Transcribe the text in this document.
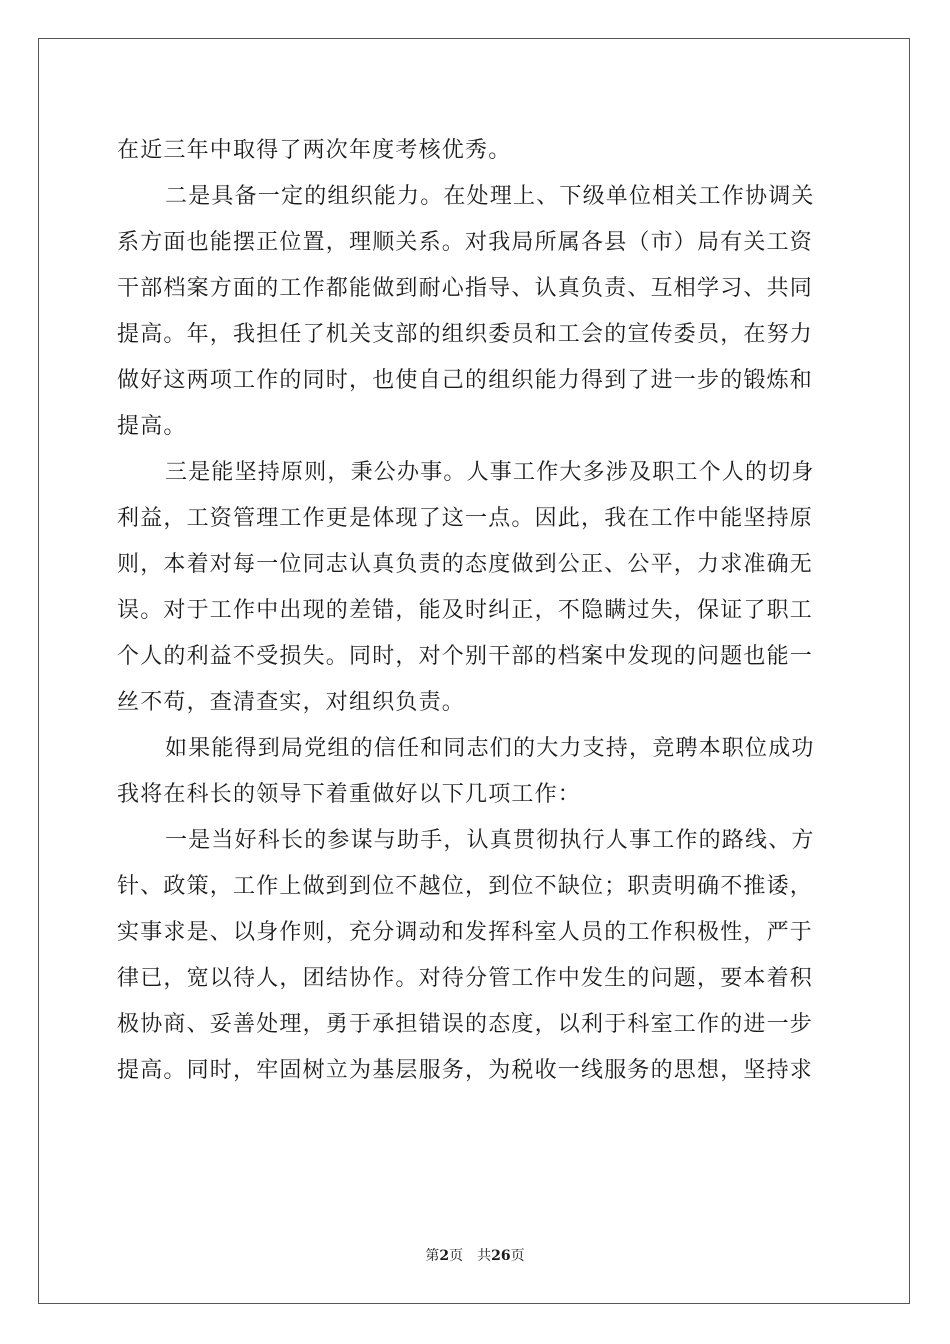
在近三年中取得了两次年度考核优秀。
二是具备一定的组织能力。在处理上、下级单位相关工作协调关
系方面也能摆正位置，理顺关系。对我局所属各县（市）局有关工资
干部档案方面的工作都能做到耐心指导、认真负责、互相学习、共同
提高。年，我担任了机关支部的组织委员和工会的宣传委员，在努力
做好这两项工作的同时，也使自己的组织能力得到了进一步的锻炼和
提高。
三是能坚持原则，秉公办事。人事工作大多涉及职工个人的切身
利益，工资管理工作更是体现了这一点。因此，我在工作中能坚持原
则，本着对每一位同志认真负责的态度做到公正、公平，力求准确无
误。对于工作中出现的差错，能及时纠正，不隐瞒过失，保证了职工
个人的利益不受损失。同时，对个别干部的档案中发现的问题也能一
丝不苟，查清查实，对组织负责。
如果能得到局党组的信任和同志们的大力支持，竞聘本职位成功
我将在科长的领导下着重做好以下几项工作：
一是当好科长的参谋与助手，认真贯彻执行人事工作的路线、方
针、政策，工作上做到到位不越位，到位不缺位；职责明确不推诿，
实事求是、以身作则，充分调动和发挥科室人员的工作积极性，严于
律已，宽以待人，团结协作。对待分管工作中发生的问题，要本着积
极协商、妥善处理，勇于承担错误的态度，以利于科室工作的进一步
提高。同时，牢固树立为基层服务，为税收一线服务的思想，坚持求
第2页 共26页
